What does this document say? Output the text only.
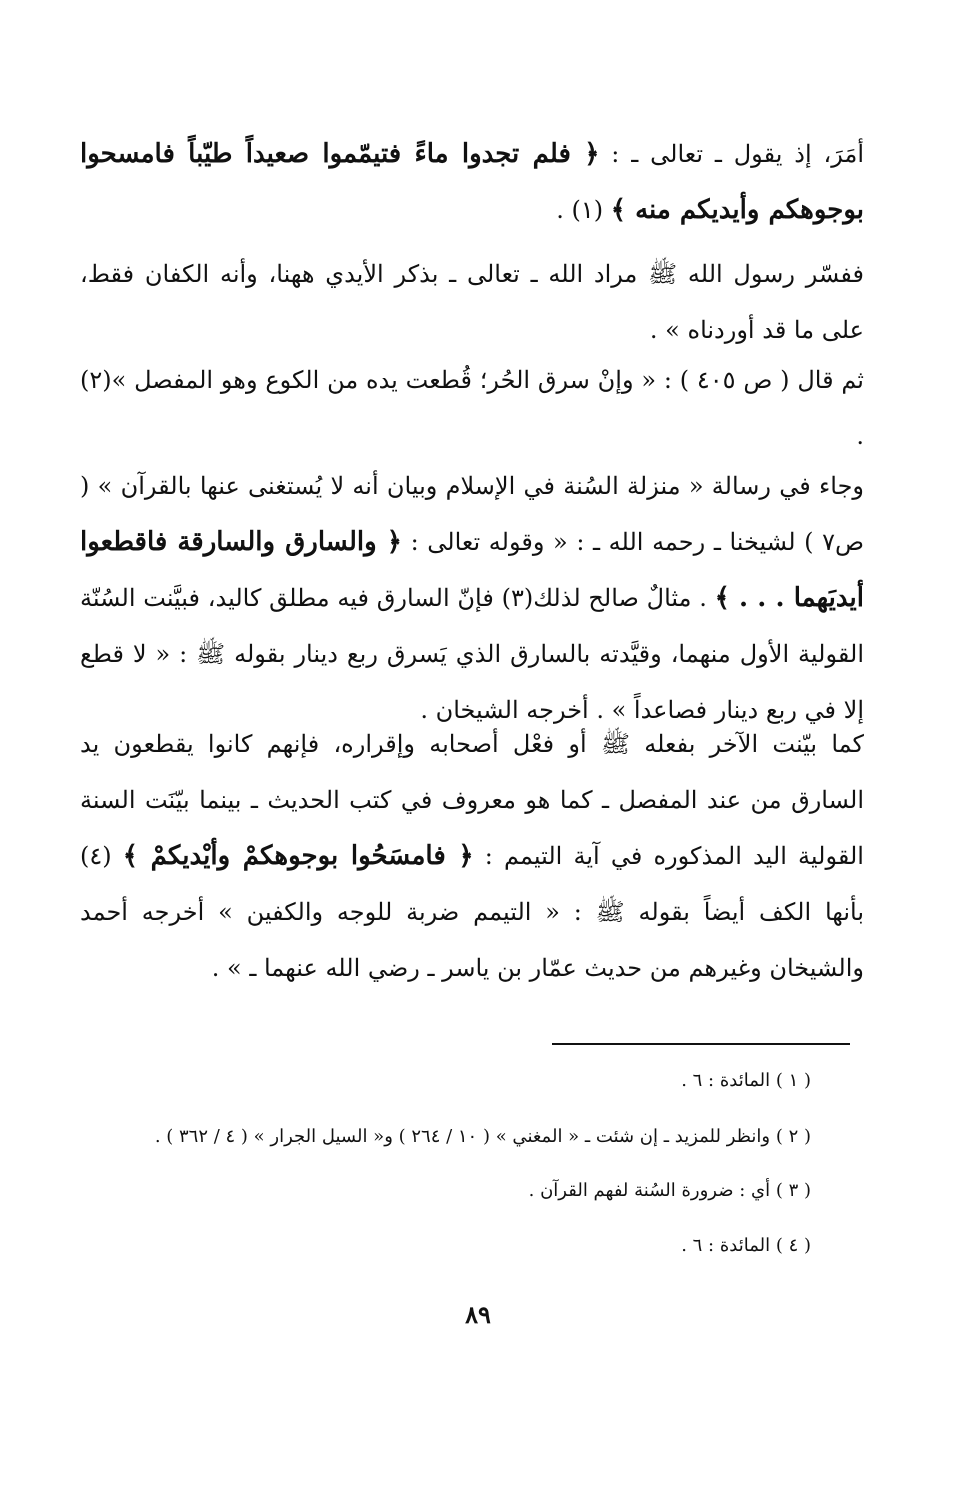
أمَرَ، إذ يقول ـ تعالى ـ : ﴿ فلم تجدوا ماءً فتيمّموا صعيداً طيّباً فامسحوا بوجوهكم وأيديكم منه ﴾ (١) .

ففسّر رسول الله ﷺ مراد الله ـ تعالى ـ بذكر الأيدي ههنا، وأنه الكفان فقط، على ما قد أوردناه » .

ثم قال ( ص ٤٠٥ ) : « وإنْ سرق الحُر؛ قُطعت يده من الكوع وهو المفصل »(٢) .

وجاء في رسالة « منزلة السُنة في الإسلام وبيان أنه لا يُستغنى عنها بالقرآن » ( ص٧ ) لشيخنا ـ رحمه الله ـ : « وقوله تعالى : ﴿ والسارق والسارقة فاقطعوا أيديَهما . . . ﴾ . مثالٌ صالح لذلك(٣) فإنّ السارق فيه مطلق كاليد، فبيَّنت السُنّة القولية الأول منهما، وقيَّدته بالسارق الذي يَسرق ربع دينار بقوله ﷺ : « لا قطع إلا في ربع دينار فصاعداً » . أخرجه الشيخان .

كما بيّنت الآخر بفعله ﷺ أو فعْل أصحابه وإقراره، فإنهم كانوا يقطعون يد السارق من عند المفصل ـ كما هو معروف في كتب الحديث ـ بينما بيّنَت السنة القولية اليد المذكوره في آية التيمم : ﴿ فامسَحُوا بوجوهكمْ وأيْديكمْ ﴾ (٤) بأنها الكف أيضاً بقوله ﷺ : « التيمم ضربة للوجه والكفين » أخرجه أحمد والشيخان وغيرهم من حديث عمّار بن ياسر ـ رضي الله عنهما ـ » .

( ١ ) المائدة : ٦ .

( ٢ ) وانظر للمزيد ـ إن شئت ـ « المغني » ( ١٠ / ٢٦٤ ) و« السيل الجرار » ( ٤ / ٣٦٢ ) .

( ٣ ) أي : ضرورة السُنة لفهم القرآن .

( ٤ ) المائدة : ٦ .

٨٩
